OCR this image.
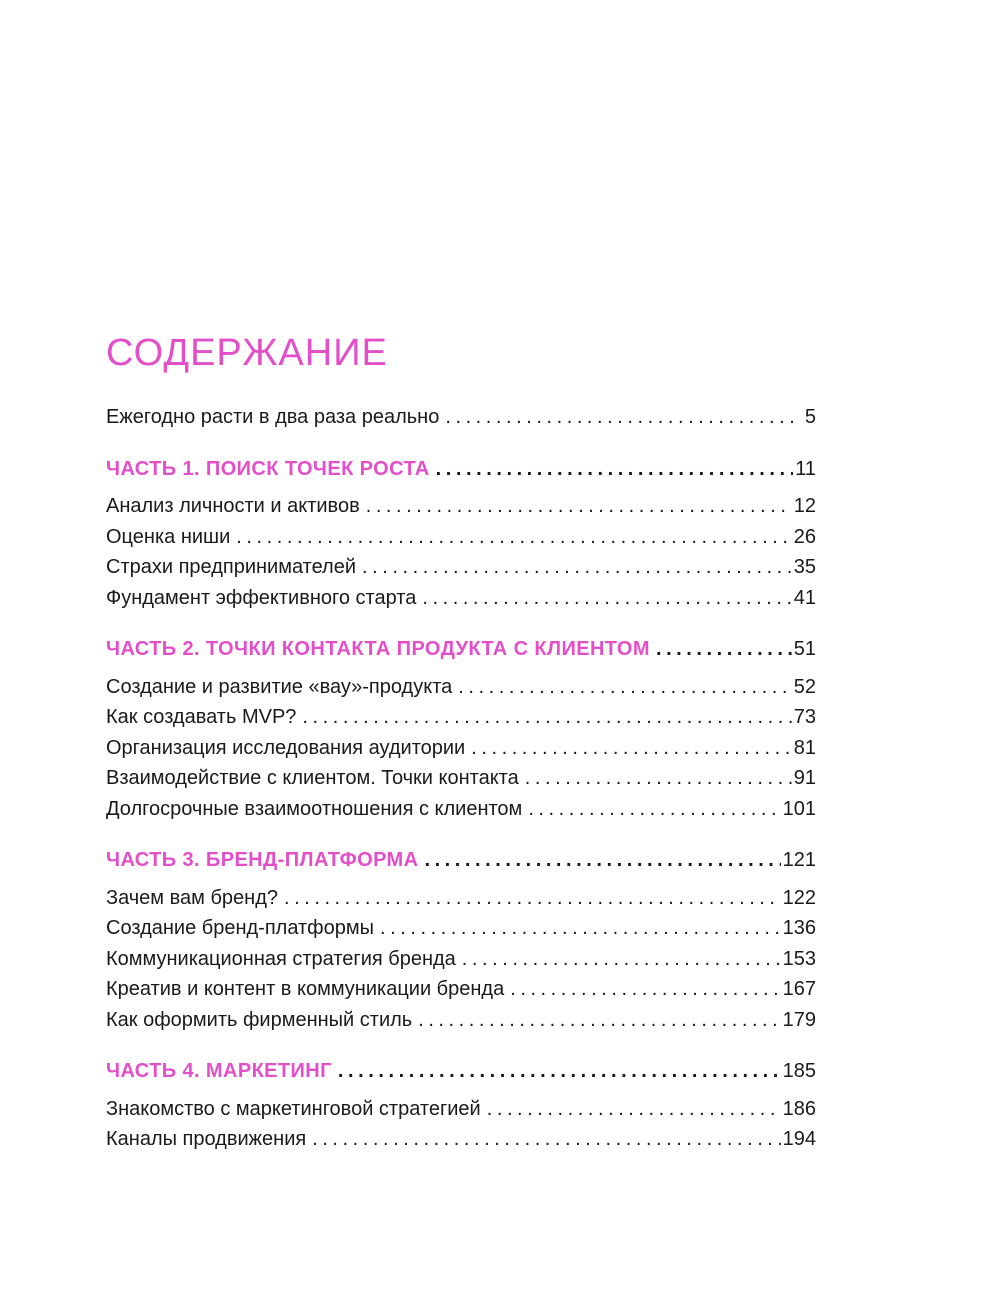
СОДЕРЖАНИЕ
Ежегодно расти в два раза реально . . .	5
ЧАСТЬ 1. ПОИСК ТОЧЕК РОСТА . . .	11
Анализ личности и активов . . .	12
Оценка ниши . . .	26
Страхи предпринимателей . . .	35
Фундамент эффективного старта . . .	41
ЧАСТЬ 2. ТОЧКИ КОНТАКТА ПРОДУКТА С КЛИЕНТОМ . . .	51
Создание и развитие «вау»-продукта . . .	52
Как создавать MVP? . . .	73
Организация исследования аудитории . . .	81
Взаимодействие с клиентом. Точки контакта . . .	91
Долгосрочные взаимоотношения с клиентом . . .	101
ЧАСТЬ 3. БРЕНД-ПЛАТФОРМА . . .	121
Зачем вам бренд? . . .	122
Создание бренд-платформы . . .	136
Коммуникационная стратегия бренда . . .	153
Креатив и контент в коммуникации бренда . . .	167
Как оформить фирменный стиль . . .	179
ЧАСТЬ 4. МАРКЕТИНГ . . .	185
Знакомство с маркетинговой стратегией . . .	186
Каналы продвижения . . .	194
